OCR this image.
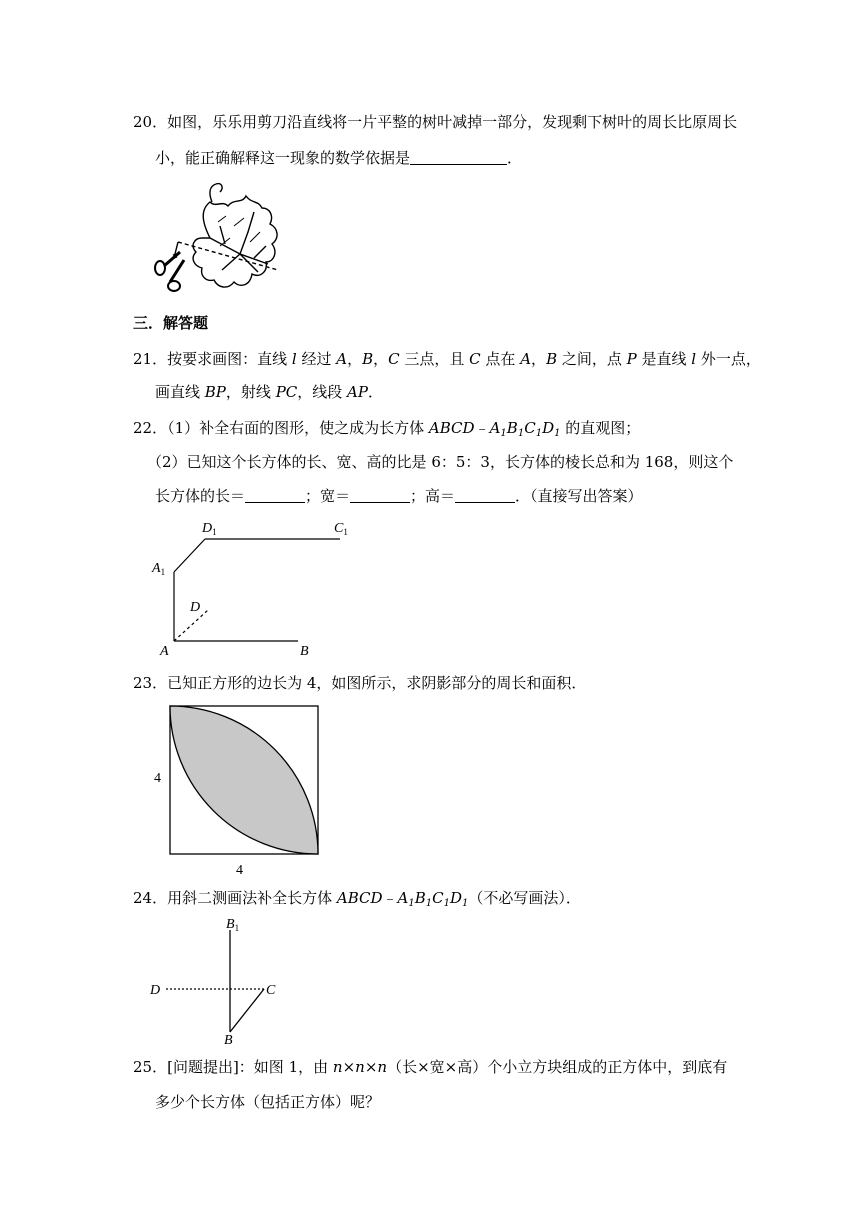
20．如图，乐乐用剪刀沿直线将一片平整的树叶减掉一部分，发现剩下树叶的周长比原周长
小，能正确解释这一现象的数学依据是	．
三．解答题
21．按要求画图：直线 l 经过 A，B，C 三点，且 C 点在 A，B 之间，点 P 是直线 l 外一点，
画直线 BP，射线 PC，线段 AP．
22．（1）补全右面的图形，使之成为长方体 $ABCD﹣A_1B_1C_1D_1$ 的直观图；
（2）已知这个长方体的长、宽、高的比是 6：5：3，长方体的棱长总和为 168，则这个
长方体的长＝	；宽＝	；高＝	．（直接写出答案）
$D_1$	$C_1$
$A_1$
D
A	B
23．已知正方形的边长为 4，如图所示，求阴影部分的周长和面积．
4
4
24．用斜二测画法补全长方体 $ABCD﹣A_1B_1C_1D_1$（不必写画法）．
$B_1$
D	C
B
25．[问题提出]：如图 1，由 n×n×n（长×宽×高）个小立方块组成的正方体中，到底有
多少个长方体（包括正方体）呢？
